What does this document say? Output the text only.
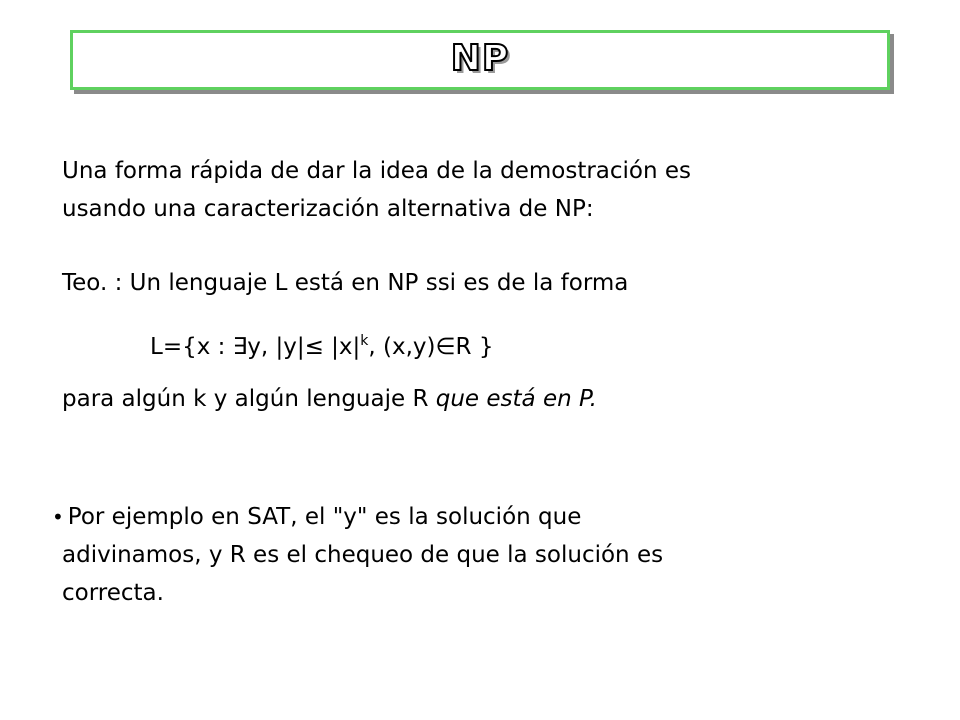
NP

Una forma rápida de dar la idea de la demostración es
usando una caracterización alternativa de NP:

Teo. : Un lenguaje L está en NP ssi es de la forma

L={x : ∃y, $|y|\le |x|^k$, (x,y)∈R }

para algún k y algún lenguaje R que está en P.

• Por ejemplo en SAT, el "y" es la solución que
adivinamos, y R es el chequeo de que la solución es
correcta.
